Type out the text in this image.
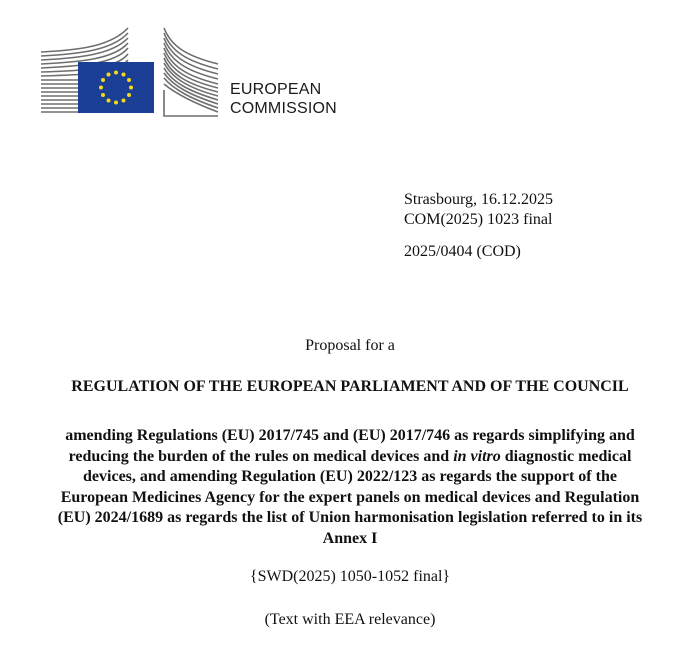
EUROPEAN
COMMISSION
Strasbourg, 16.12.2025
COM(2025) 1023 final
2025/0404 (COD)
Proposal for a
REGULATION OF THE EUROPEAN PARLIAMENT AND OF THE COUNCIL
amending Regulations (EU) 2017/745 and (EU) 2017/746 as regards simplifying and
reducing the burden of the rules on medical devices and in vitro diagnostic medical
devices, and amending Regulation (EU) 2022/123 as regards the support of the
European Medicines Agency for the expert panels on medical devices and Regulation
(EU) 2024/1689 as regards the list of Union harmonisation legislation referred to in its
Annex I
{SWD(2025) 1050-1052 final}
(Text with EEA relevance)
